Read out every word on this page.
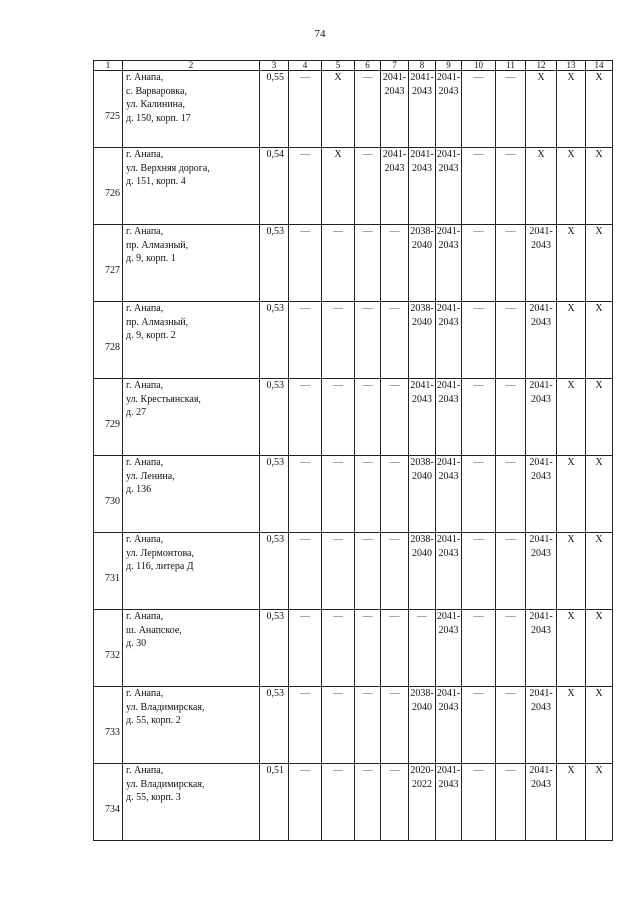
74
1	2	3	4	5	6	7	8	9	10	11	12	13	14

725	г. Анапа,
с. Варваровка,
ул. Калинина,
д. 150, корп. 17	0,55	—	Х	—	2041-
2043	2041-
2043	2041-
2043	—	—	Х	Х	Х

726	г. Анапа,
ул. Верхняя дорога,
д. 151, корп. 4	0,54	—	Х	—	2041-
2043	2041-
2043	2041-
2043	—	—	Х	Х	Х

727	г. Анапа,
пр. Алмазный,
д. 9, корп. 1	0,53	—	—	—	—	2038-
2040	2041-
2043	—	—	2041-
2043	Х	Х

728	г. Анапа,
пр. Алмазный,
д. 9, корп. 2	0,53	—	—	—	—	2038-
2040	2041-
2043	—	—	2041-
2043	Х	Х

729	г. Анапа,
ул. Крестьянская,
д. 27	0,53	—	—	—	—	2041-
2043	2041-
2043	—	—	2041-
2043	Х	Х

730	г. Анапа,
ул. Ленина,
д. 136	0,53	—	—	—	—	2038-
2040	2041-
2043	—	—	2041-
2043	Х	Х

731	г. Анапа,
ул. Лермонтова,
д. 116, литера Д	0,53	—	—	—	—	2038-
2040	2041-
2043	—	—	2041-
2043	Х	Х

732	г. Анапа,
ш. Анапское,
д. 30	0,53	—	—	—	—	—	2041-
2043	—	—	2041-
2043	Х	Х

733	г. Анапа,
ул. Владимирская,
д. 55, корп. 2	0,53	—	—	—	—	2038-
2040	2041-
2043	—	—	2041-
2043	Х	Х

734	г. Анапа,
ул. Владимирская,
д. 55, корп. 3	0,51	—	—	—	—	2020-
2022	2041-
2043	—	—	2041-
2043	Х	Х
